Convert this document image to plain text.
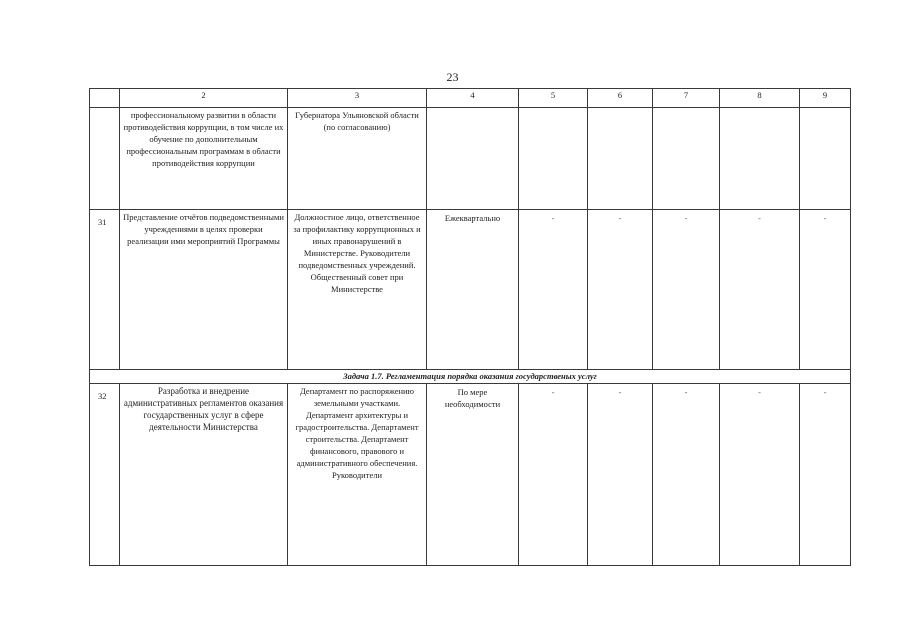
23
	2	3	4	5	6	7	8	9
	профессиональному развитии в области противодействия коррупции, в том числе их обучение по дополнительным профессиональным программам в области противодействия коррупции	Губернатора Ульяновской области (по согласованию)						
31	Представление отчётов подведомственными учреждениями в целях проверки реализации ими мероприятий Программы	Должностное лицо, ответственное за профилактику коррупционных и иных правонарушений в Министерстве. Руководители подведомственных учреждений. Общественный совет при Министерстве	Ежеквартально	-	-	-	-	-
Задача 1.7. Регламентация порядка оказания государственых услуг								
32	Разработка и внедрение административных регламентов оказания государственных услуг в сфере деятельности Министерства	Департамент по распоряжению земельными участками. Департамент архитектуры и градостроительства. Департамент строительства. Департамент финансового, правового и административного обеспечения. Руководители	По мере необходимости	-	-	-	-	-
